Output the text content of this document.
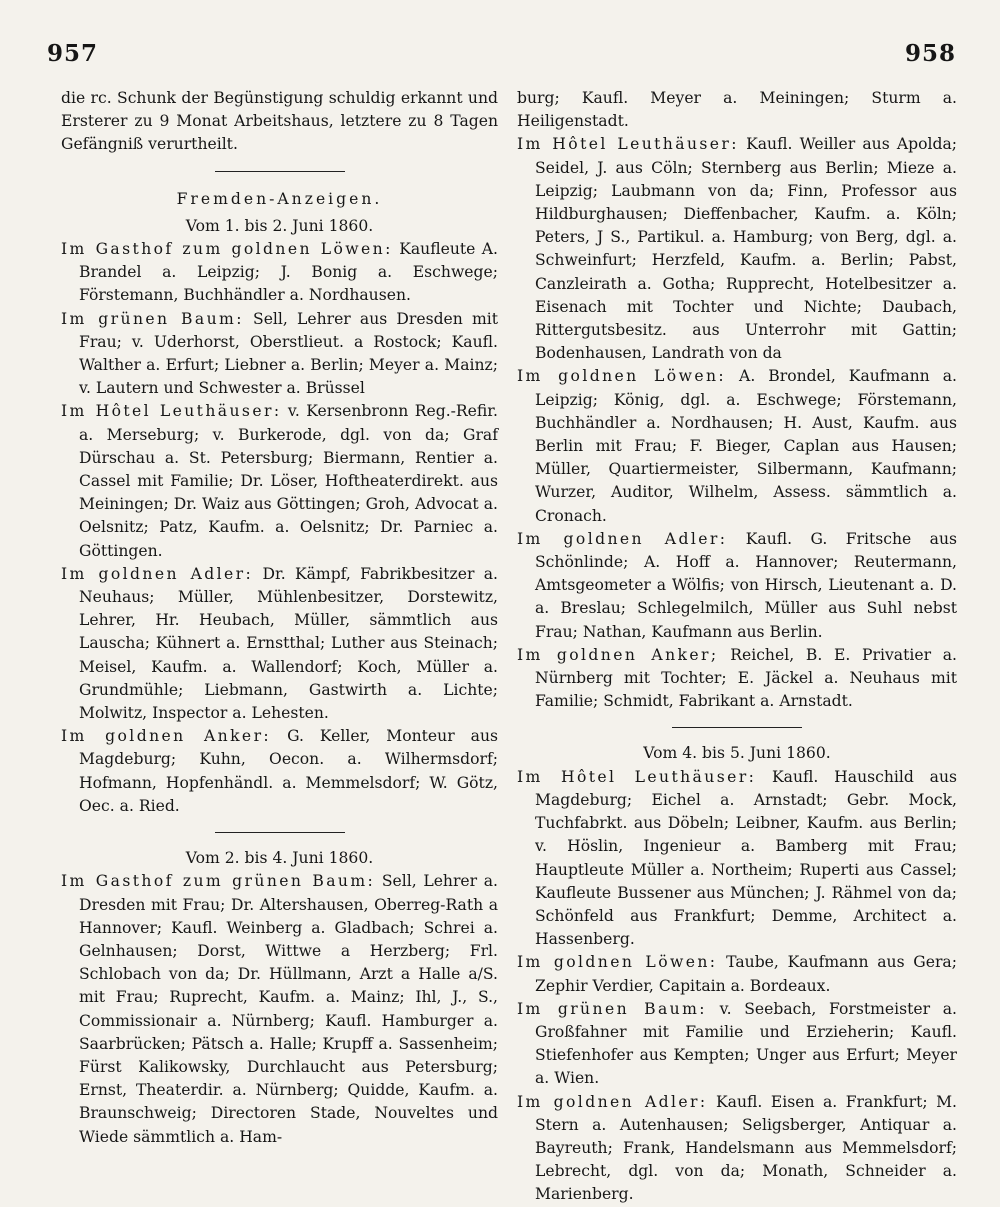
957	958

die rc. Schunk der Begünstigung schuldig erkannt und Ersterer zu 9 Monat Arbeitshaus, letztere zu 8 Tagen Gefängniß verurtheilt.

Fremden-Anzeigen.
Vom 1. bis 2. Juni 1860.

Im Gasthof zum goldnen Löwen: Kaufleute A. Brandel a. Leipzig; J. Bonig a. Eschwege; Förstemann, Buchhändler a. Nordhausen.

Im grünen Baum: Sell, Lehrer aus Dresden mit Frau; v. Uderhorst, Oberstlieut. a Rostock; Kaufl. Walther a. Erfurt; Liebner a. Berlin; Meyer a. Mainz; v. Lautern und Schwester a. Brüssel

Im Hôtel Leuthäuser: v. Kersenbronn Reg.-Refir. a. Merseburg; v. Burkerode, dgl. von da; Graf Dürschau a. St. Petersburg; Biermann, Rentier a. Cassel mit Familie; Dr. Löser, Hoftheaterdirekt. aus Meiningen; Dr. Waiz aus Göttingen; Groh, Advocat a. Oelsnitz; Patz, Kaufm. a. Oelsnitz; Dr. Parniec a. Göttingen.

Im goldnen Adler: Dr. Kämpf, Fabrikbesitzer a. Neuhaus; Müller, Mühlenbesitzer, Dorstewitz, Lehrer, Hr. Heubach, Müller, sämmtlich aus Lauscha; Kühnert a. Ernstthal; Luther aus Steinach; Meisel, Kaufm. a. Wallendorf; Koch, Müller a. Grundmühle; Liebmann, Gastwirth a. Lichte; Molwitz, Inspector a. Lehesten.

Im goldnen Anker: G. Keller, Monteur aus Magdeburg; Kuhn, Oecon. a. Wilhermsdorf; Hofmann, Hopfenhändl. a. Memmelsdorf; W. Götz, Oec. a. Ried.

Vom 2. bis 4. Juni 1860.

Im Gasthof zum grünen Baum: Sell, Lehrer a. Dresden mit Frau; Dr. Altershausen, Oberreg-Rath a Hannover; Kaufl. Weinberg a. Gladbach; Schrei a. Gelnhausen; Dorst, Wittwe a Herzberg; Frl. Schlobach von da; Dr. Hüllmann, Arzt a Halle a/S. mit Frau; Ruprecht, Kaufm. a. Mainz; Ihl, J., S., Commissionair a. Nürnberg; Kaufl. Hamburger a. Saarbrücken; Pätsch a. Halle; Krupff a. Sassenheim; Fürst Kalikowsky, Durchlaucht aus Petersburg; Ernst, Theaterdir. a. Nürnberg; Quidde, Kaufm. a. Braunschweig; Directoren Stade, Nouveltes und Wiede sämmtlich a. Ham-

burg; Kaufl. Meyer a. Meiningen; Sturm a. Heiligenstadt.

Im Hôtel Leuthäuser: Kaufl. Weiller aus Apolda; Seidel, J. aus Cöln; Sternberg aus Berlin; Mieze a. Leipzig; Laubmann von da; Finn, Professor aus Hildburghausen; Dieffenbacher, Kaufm. a. Köln; Peters, J S., Partikul. a. Hamburg; von Berg, dgl. a. Schweinfurt; Herzfeld, Kaufm. a. Berlin; Pabst, Canzleirath a. Gotha; Rupprecht, Hotelbesitzer a. Eisenach mit Tochter und Nichte; Daubach, Rittergutsbesitz. aus Unterrohr mit Gattin; Bodenhausen, Landrath von da

Im goldnen Löwen: A. Brondel, Kaufmann a. Leipzig; König, dgl. a. Eschwege; Förstemann, Buchhändler a. Nordhausen; H. Aust, Kaufm. aus Berlin mit Frau; F. Bieger, Caplan aus Hausen; Müller, Quartiermeister, Silbermann, Kaufmann; Wurzer, Auditor, Wilhelm, Assess. sämmtlich a. Cronach.

Im goldnen Adler: Kaufl. G. Fritsche aus Schönlinde; A. Hoff a. Hannover; Reutermann, Amtsgeometer a Wölfis; von Hirsch, Lieutenant a. D. a. Breslau; Schlegelmilch, Müller aus Suhl nebst Frau; Nathan, Kaufmann aus Berlin.

Im goldnen Anker; Reichel, B. E. Privatier a. Nürnberg mit Tochter; E. Jäckel a. Neuhaus mit Familie; Schmidt, Fabrikant a. Arnstadt.

Vom 4. bis 5. Juni 1860.

Im Hôtel Leuthäuser: Kaufl. Hauschild aus Magdeburg; Eichel a. Arnstadt; Gebr. Mock, Tuchfabrkt. aus Döbeln; Leibner, Kaufm. aus Berlin; v. Höslin, Ingenieur a. Bamberg mit Frau; Hauptleute Müller a. Northeim; Ruperti aus Cassel; Kaufleute Bussener aus München; J. Rähmel von da; Schönfeld aus Frankfurt; Demme, Architect a. Hassenberg.

Im goldnen Löwen: Taube, Kaufmann aus Gera; Zephir Verdier, Capitain a. Bordeaux.

Im grünen Baum: v. Seebach, Forstmeister a. Großfahner mit Familie und Erzieherin; Kaufl. Stiefenhofer aus Kempten; Unger aus Erfurt; Meyer a. Wien.

Im goldnen Adler: Kaufl. Eisen a. Frankfurt; M. Stern a. Autenhausen; Seligsberger, Antiquar a. Bayreuth; Frank, Handelsmann aus Memmelsdorf; Lebrecht, dgl. von da; Monath, Schneider a. Marienberg.
